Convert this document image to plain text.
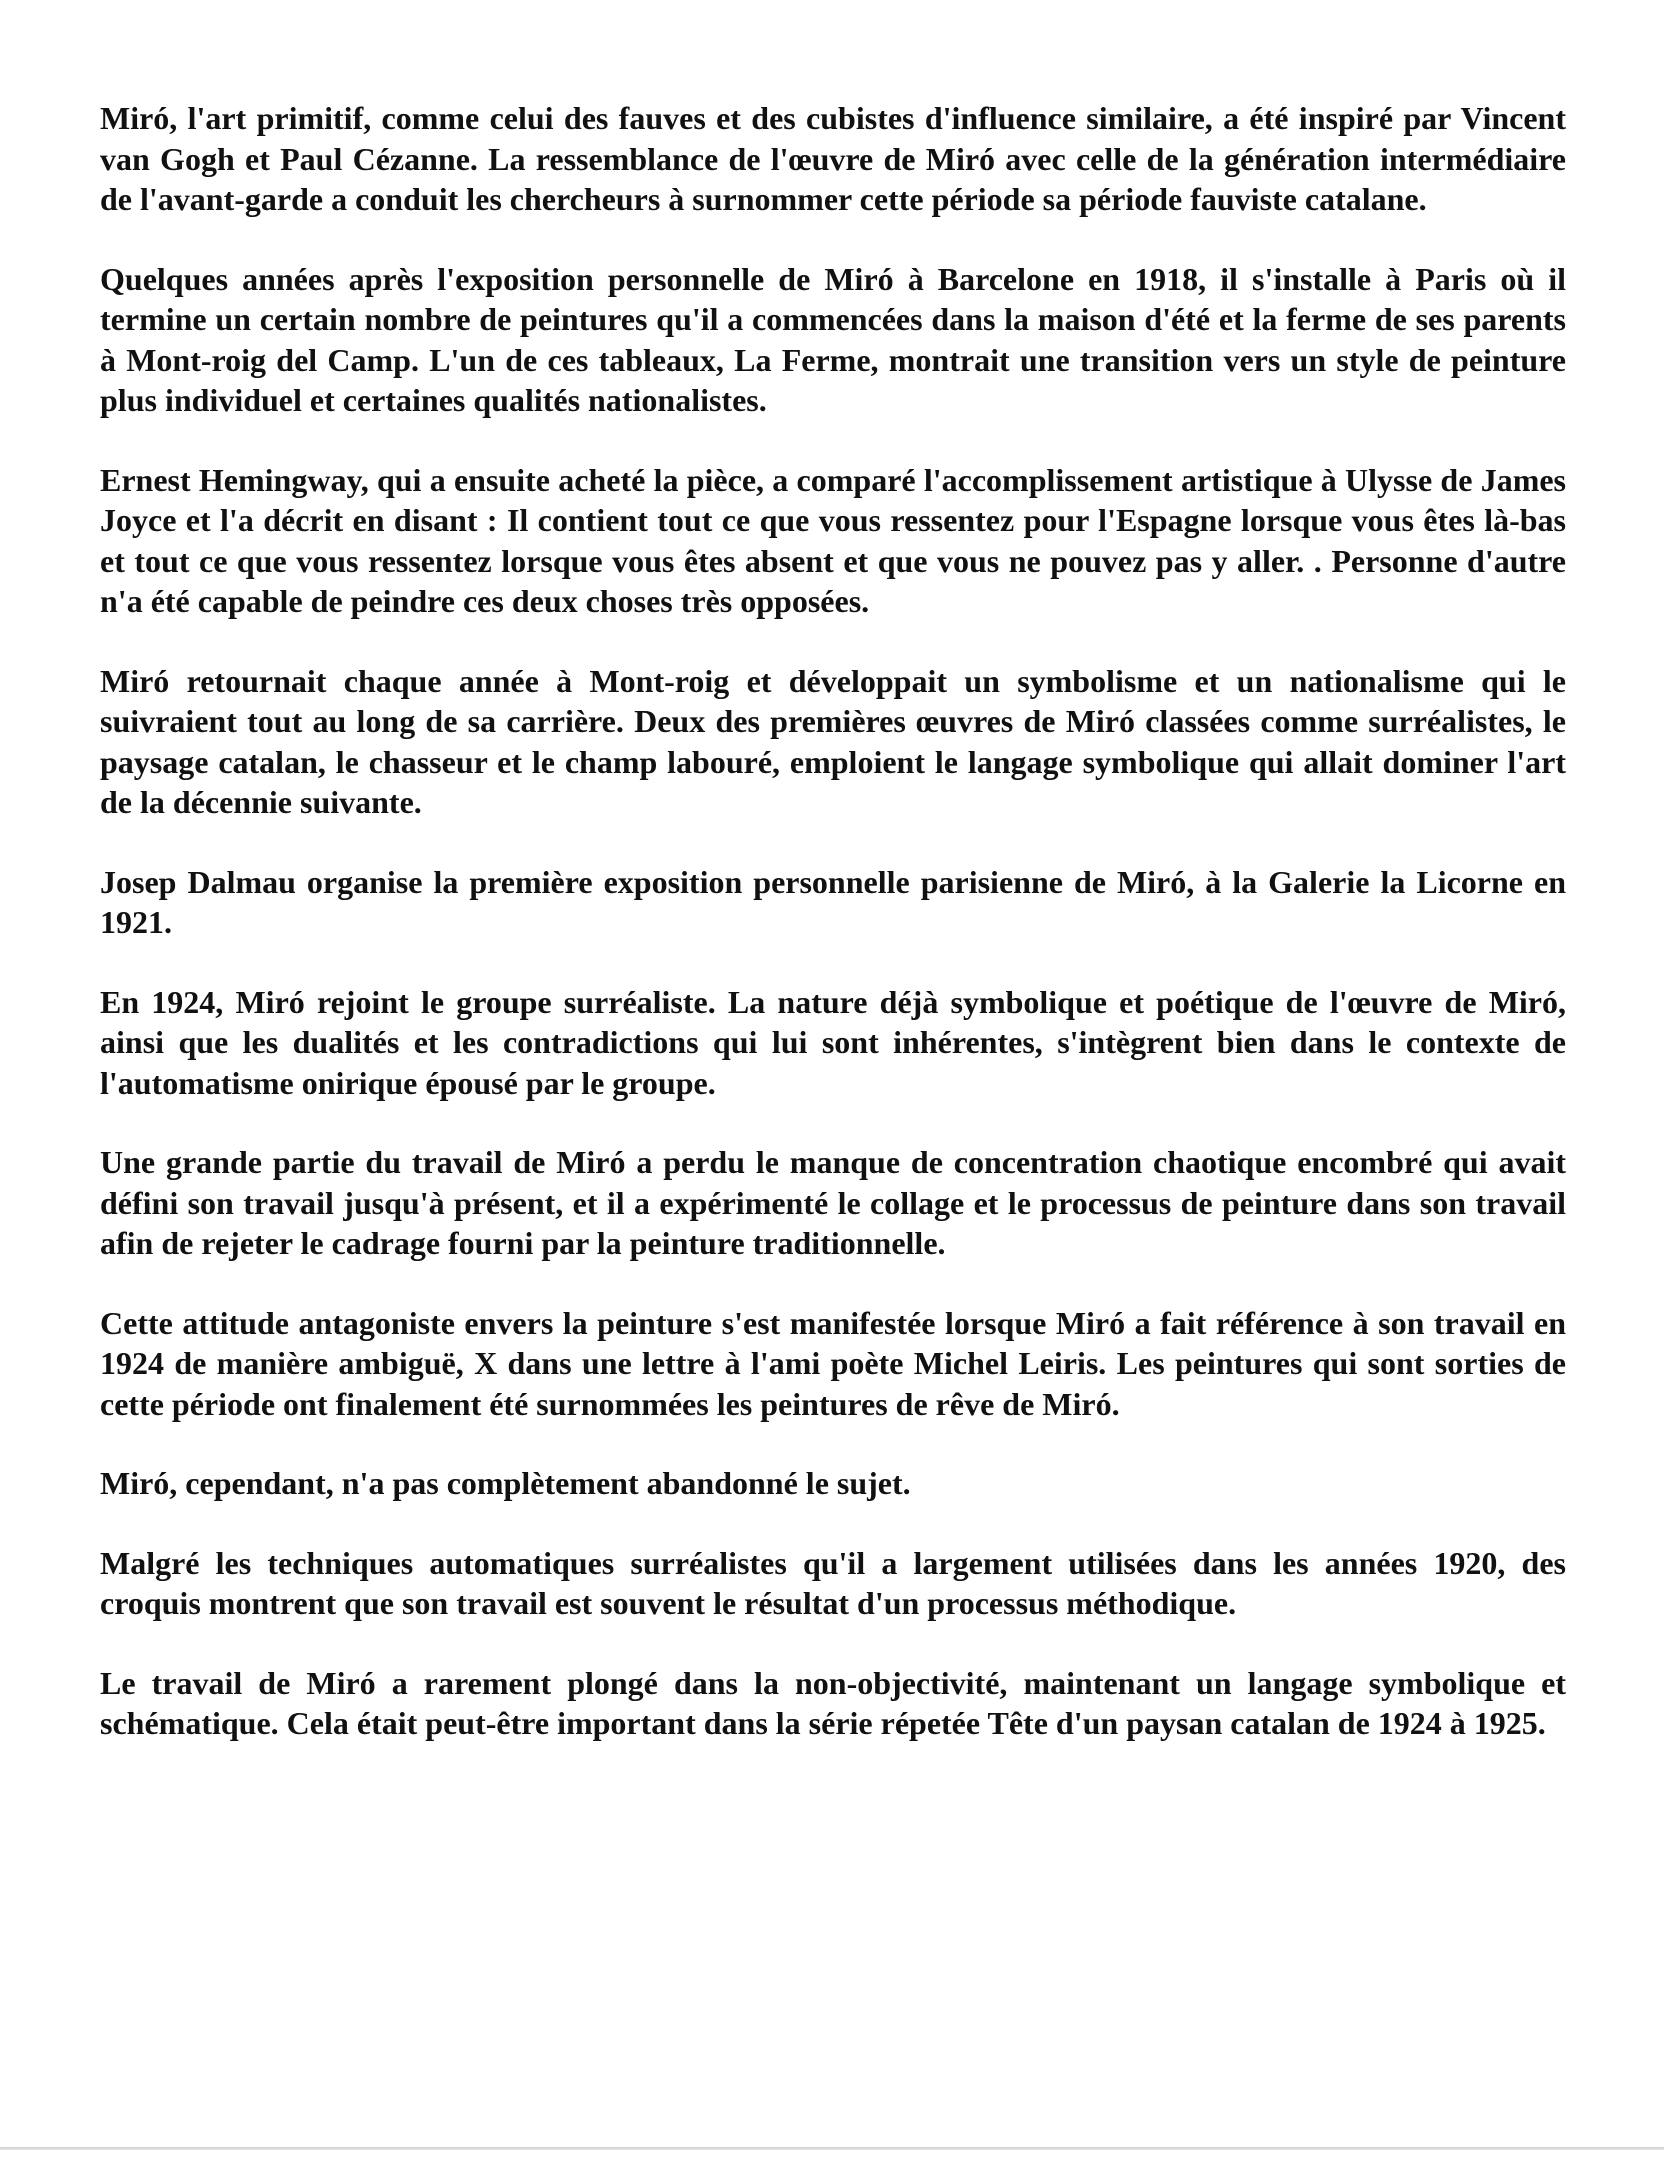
Miró, l'art primitif, comme celui des fauves et des cubistes d'influence similaire, a été inspiré par Vincent van Gogh et Paul Cézanne. La ressemblance de l'œuvre de Miró avec celle de la génération intermédiaire de l'avant-garde a conduit les chercheurs à surnommer cette période sa période fauviste catalane.

Quelques années après l'exposition personnelle de Miró à Barcelone en 1918, il s'installe à Paris où il termine un certain nombre de peintures qu'il a commencées dans la maison d'été et la ferme de ses parents à Mont-roig del Camp. L'un de ces tableaux, La Ferme, montrait une transition vers un style de peinture plus individuel et certaines qualités nationalistes.

Ernest Hemingway, qui a ensuite acheté la pièce, a comparé l'accomplissement artistique à Ulysse de James Joyce et l'a décrit en disant : Il contient tout ce que vous ressentez pour l'Espagne lorsque vous êtes là-bas et tout ce que vous ressentez lorsque vous êtes absent et que vous ne pouvez pas y aller. . Personne d'autre n'a été capable de peindre ces deux choses très opposées.

Miró retournait chaque année à Mont-roig et développait un symbolisme et un nationalisme qui le suivraient tout au long de sa carrière. Deux des premières œuvres de Miró classées comme surréalistes, le paysage catalan, le chasseur et le champ labouré, emploient le langage symbolique qui allait dominer l'art de la décennie suivante.

Josep Dalmau organise la première exposition personnelle parisienne de Miró, à la Galerie la Licorne en 1921.

En 1924, Miró rejoint le groupe surréaliste. La nature déjà symbolique et poétique de l'œuvre de Miró, ainsi que les dualités et les contradictions qui lui sont inhérentes, s'intègrent bien dans le contexte de l'automatisme onirique épousé par le groupe.

Une grande partie du travail de Miró a perdu le manque de concentration chaotique encombré qui avait défini son travail jusqu'à présent, et il a expérimenté le collage et le processus de peinture dans son travail afin de rejeter le cadrage fourni par la peinture traditionnelle.

Cette attitude antagoniste envers la peinture s'est manifestée lorsque Miró a fait référence à son travail en 1924 de manière ambiguë, X dans une lettre à l'ami poète Michel Leiris. Les peintures qui sont sorties de cette période ont finalement été surnommées les peintures de rêve de Miró.

Miró, cependant, n'a pas complètement abandonné le sujet.

Malgré les techniques automatiques surréalistes qu'il a largement utilisées dans les années 1920, des croquis montrent que son travail est souvent le résultat d'un processus méthodique.

Le travail de Miró a rarement plongé dans la non-objectivité, maintenant un langage symbolique et schématique. Cela était peut-être important dans la série répetée Tête d'un paysan catalan de 1924 à 1925.
